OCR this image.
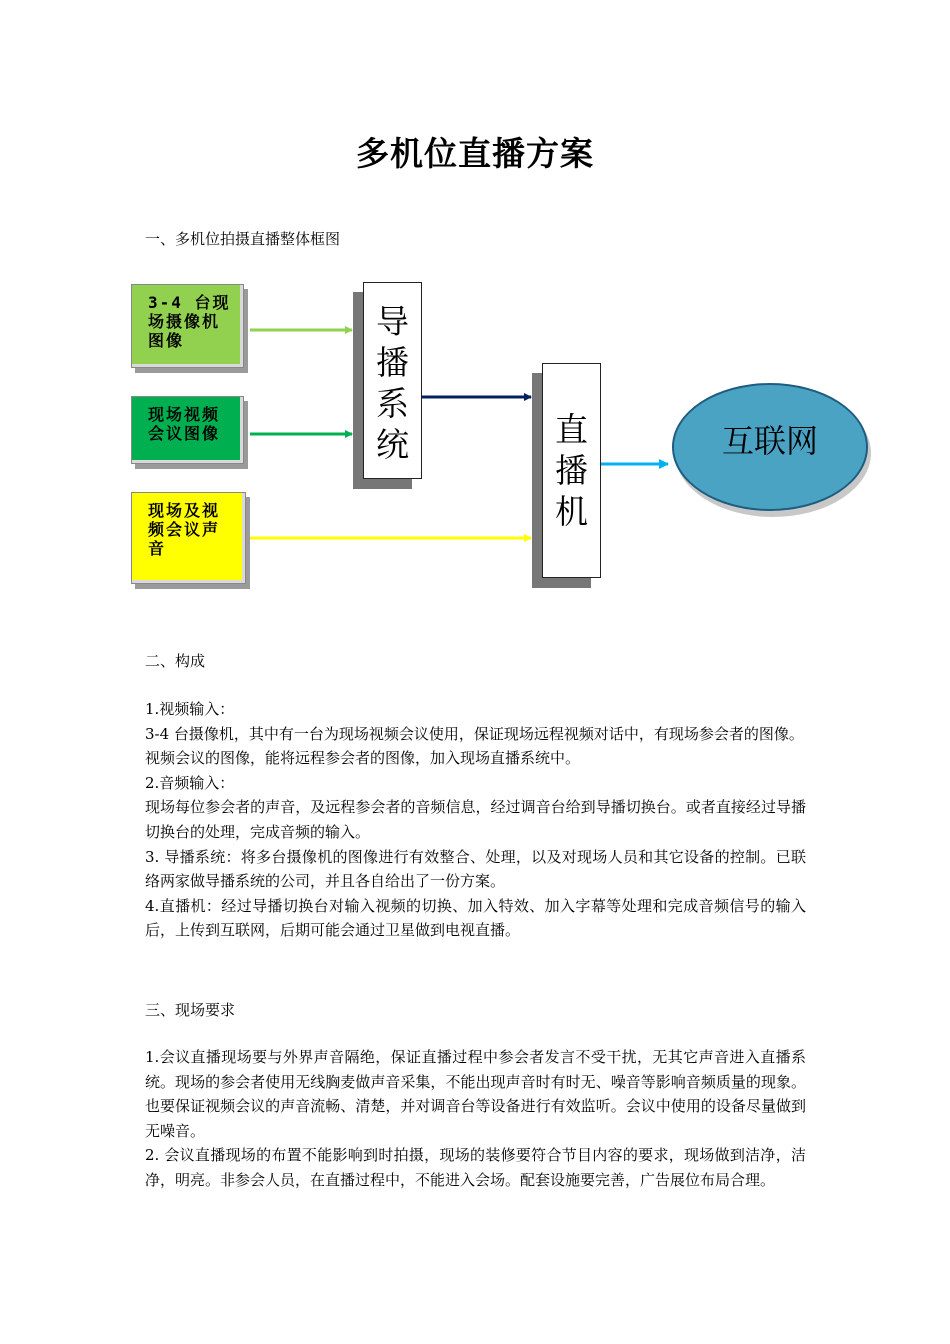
多机位直播方案
一、多机位拍摄直播整体框图
3-4 台现场摄像机图像
现场视频会议图像
现场及视频会议声音
导
播
系
统	直
播
机
互联网
二、构成

1.视频输入：

3-4 台摄像机，其中有一台为现场视频会议使用，保证现场远程视频对话中，有现场参会者的图像。

视频会议的图像，能将远程参会者的图像，加入现场直播系统中。

2.音频输入：

现场每位参会者的声音，及远程参会者的音频信息，经过调音台给到导播切换台。或者直接经过导播切换台的处理，完成音频的输入。

3. 导播系统：将多台摄像机的图像进行有效整合、处理，以及对现场人员和其它设备的控制。已联络两家做导播系统的公司，并且各自给出了一份方案。

4.直播机：经过导播切换台对输入视频的切换、加入特效、加入字幕等处理和完成音频信号的输入后，上传到互联网，后期可能会通过卫星做到电视直播。

三、现场要求

1.会议直播现场要与外界声音隔绝，保证直播过程中参会者发言不受干扰，无其它声音进入直播系统。现场的参会者使用无线胸麦做声音采集，不能出现声音时有时无、噪音等影响音频质量的现象。也要保证视频会议的声音流畅、清楚，并对调音台等设备进行有效监听。会议中使用的设备尽量做到无噪音。

2. 会议直播现场的布置不能影响到时拍摄，现场的装修要符合节目内容的要求，现场做到洁净，洁净，明亮。非参会人员，在直播过程中，不能进入会场。配套设施要完善，广告展位布局合理。
